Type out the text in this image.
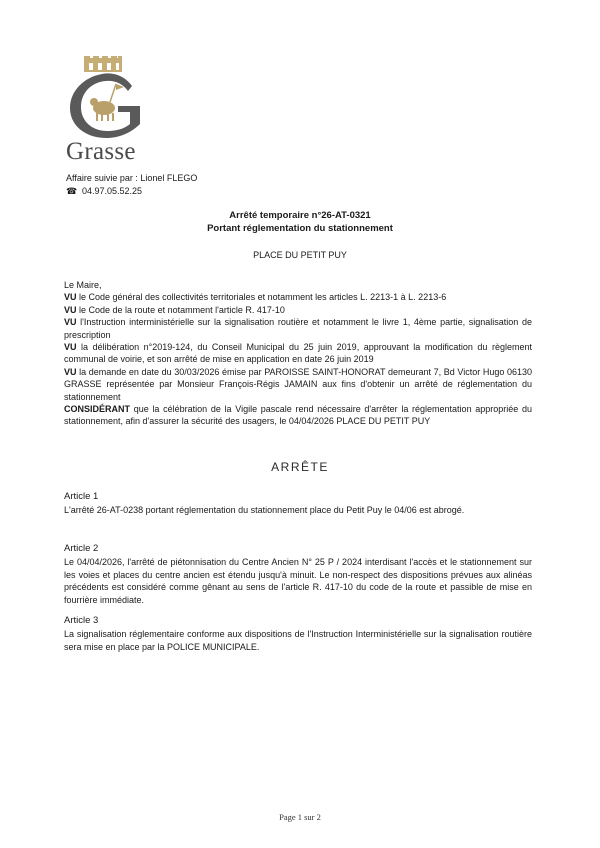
Grasse
Affaire suivie par : Lionel FLEGO
☎ 04.97.05.52.25
Arrêté temporaire n°26-AT-0321
Portant réglementation du stationnement
PLACE DU PETIT PUY

Le Maire,

VU le Code général des collectivités territoriales et notamment les articles L. 2213-1 à L. 2213-6

VU le Code de la route et notamment l'article R. 417-10

VU l'Instruction interministérielle sur la signalisation routière et notamment le livre 1, 4ème partie, signalisation de prescription

VU la délibération n°2019-124, du Conseil Municipal du 25 juin 2019, approuvant la modification du règlement communal de voirie, et son arrêté de mise en application en date 26 juin 2019

VU la demande en date du 30/03/2026 émise par PAROISSE SAINT-HONORAT demeurant 7, Bd Victor Hugo 06130 GRASSE représentée par Monsieur François-Régis JAMAIN aux fins d'obtenir un arrêté de réglementation du stationnement

CONSIDÉRANT que la célébration de la Vigile pascale rend nécessaire d'arrêter la réglementation appropriée du stationnement, afin d'assurer la sécurité des usagers, le 04/04/2026 PLACE DU PETIT PUY

ARRÊTE
Article 1

L'arrêté 26-AT-0238 portant réglementation du stationnement place du Petit Puy le 04/06 est abrogé.

Article 2

Le 04/04/2026, l'arrêté de piétonnisation du Centre Ancien N° 25 P / 2024 interdisant l'accès et le stationnement sur les voies et places du centre ancien est étendu jusqu'à minuit. Le non-respect des dispositions prévues aux alinéas précédents est considéré comme gênant au sens de l'article R. 417-10 du code de la route et passible de mise en fourrière immédiate.

Article 3

La signalisation réglementaire conforme aux dispositions de l'Instruction Interministérielle sur la signalisation routière sera mise en place par la POLICE MUNICIPALE.

Page 1 sur 2
